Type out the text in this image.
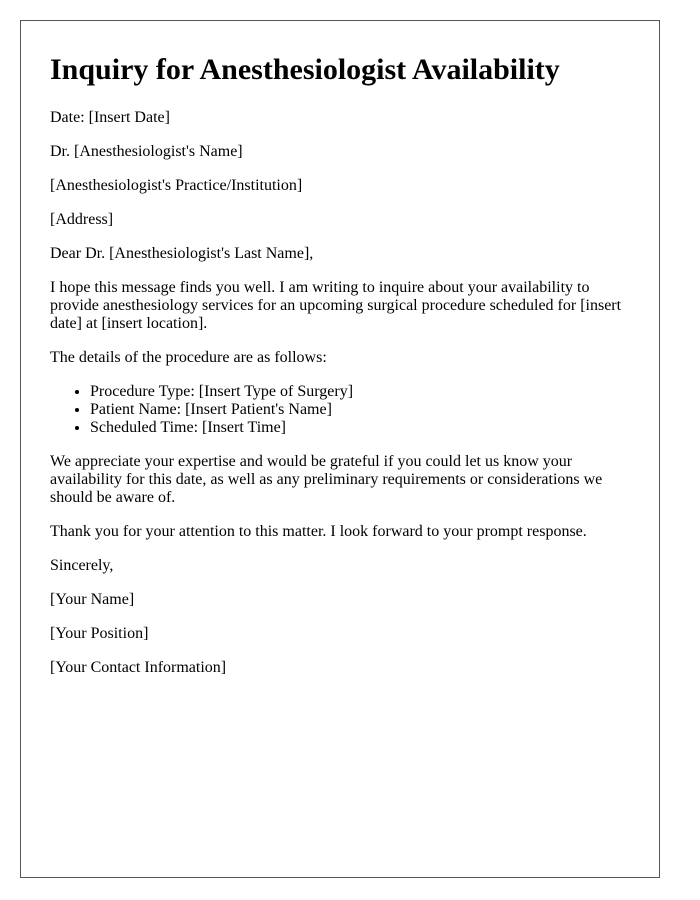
Inquiry for Anesthesiologist Availability

Date: [Insert Date]

Dr. [Anesthesiologist's Name]

[Anesthesiologist's Practice/Institution]

[Address]

Dear Dr. [Anesthesiologist's Last Name],

I hope this message finds you well. I am writing to inquire about your availability to provide anesthesiology services for an upcoming surgical procedure scheduled for [insert date] at [insert location].

The details of the procedure are as follows:

• Procedure Type: [Insert Type of Surgery]
• Patient Name: [Insert Patient's Name]
• Scheduled Time: [Insert Time]

We appreciate your expertise and would be grateful if you could let us know your availability for this date, as well as any preliminary requirements or considerations we should be aware of.

Thank you for your attention to this matter. I look forward to your prompt response.

Sincerely,

[Your Name]

[Your Position]

[Your Contact Information]
